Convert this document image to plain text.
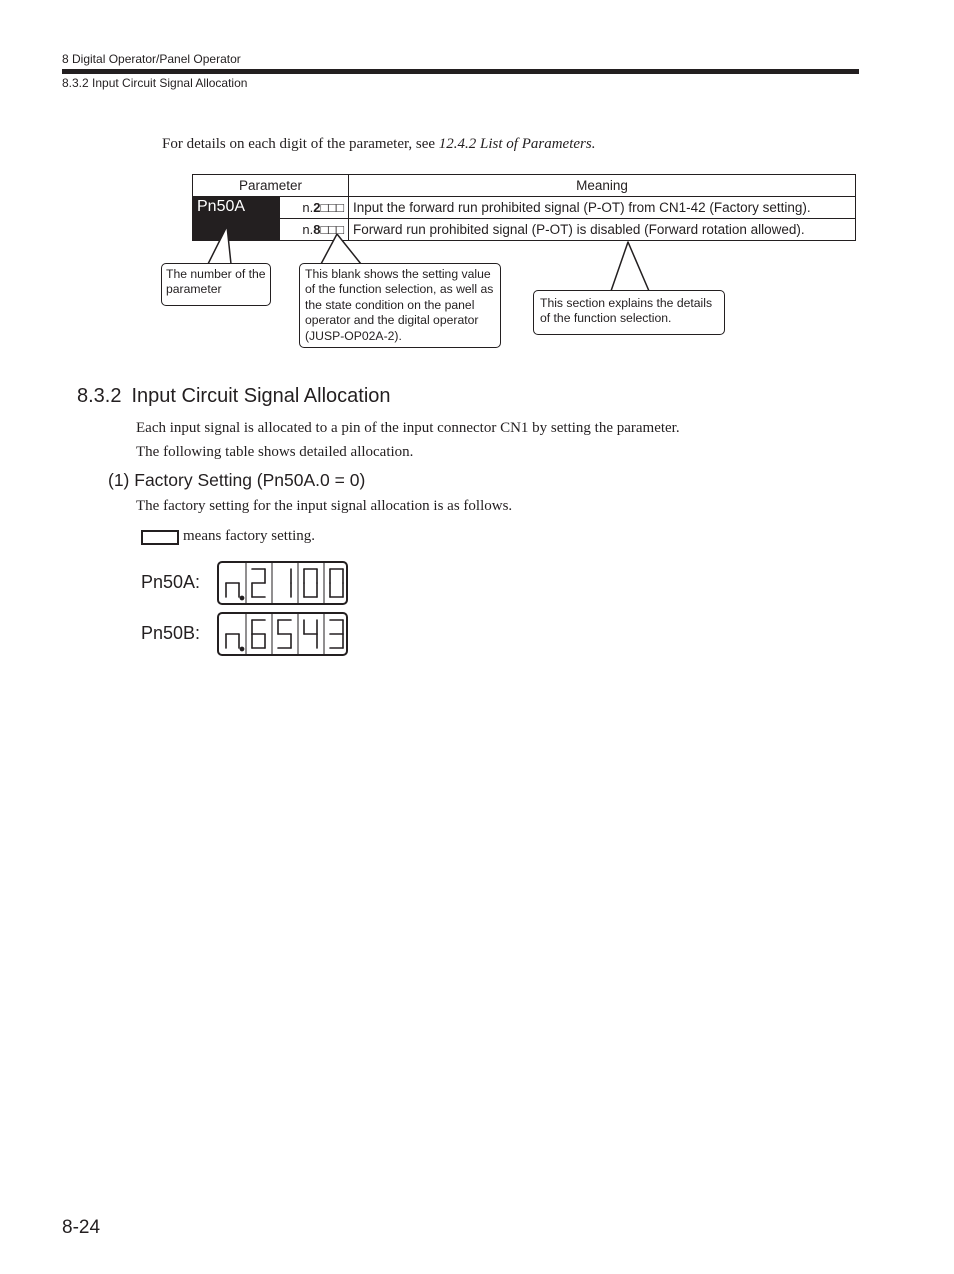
8 Digital Operator/Panel Operator
8.3.2 Input Circuit Signal Allocation
For details on each digit of the parameter, see 12.4.2 List of Parameters.
Parameter		Meaning
Pn50A	n.2□□□	Input the forward run prohibited signal (P-OT) from CN1-42 (Factory setting).
	n.8□□□	Forward run prohibited signal (P-OT) is disabled (Forward rotation allowed).
The number of the parameter
This blank shows the setting value of the function selection, as well as the state condition on the panel operator and the digital operator (JUSP-OP02A-2).
This section explains the details of the function selection.
8.3.2 Input Circuit Signal Allocation
Each input signal is allocated to a pin of the input connector CN1 by setting the parameter.
The following table shows detailed allocation.
(1) Factory Setting (Pn50A.0 = 0)
The factory setting for the input signal allocation is as follows.
means factory setting.
Pn50A:
Pn50B:
8-24
